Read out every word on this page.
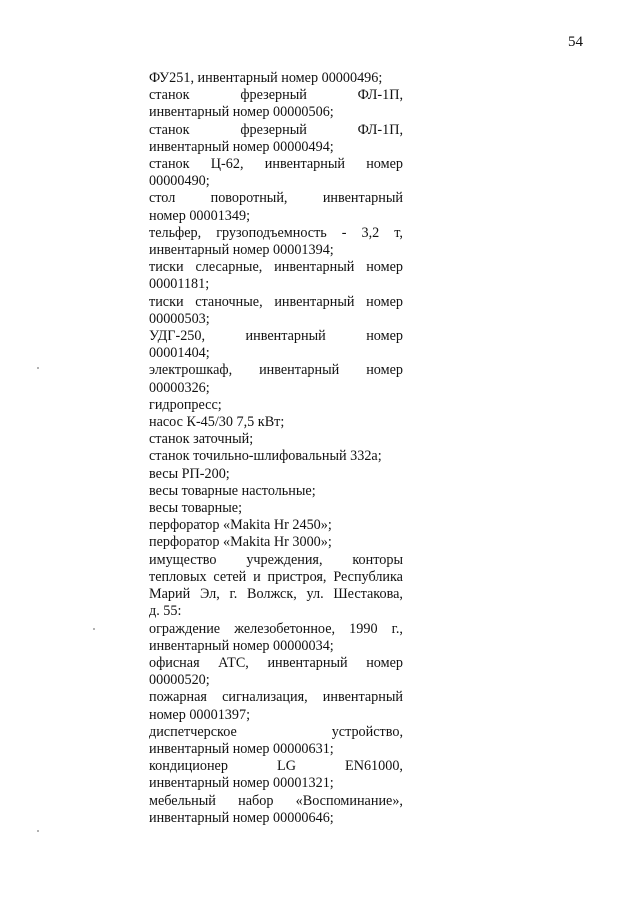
54
ФУ251, инвентарный номер 00000496;
станок	фрезерный	ФЛ-1П,
инвентарный номер 00000506;
станок	фрезерный	ФЛ-1П,
инвентарный номер 00000494;
станок Ц-62, инвентарный номер
00000490;
стол поворотный, инвентарный
номер 00001349;
тельфер, грузоподъемность - 3,2 т,
инвентарный номер 00001394;
тиски слесарные, инвентарный номер
00001181;
тиски станочные, инвентарный номер
00000503;
УДГ-250,	инвентарный	номер
00001404;
электрошкаф, инвентарный номер
00000326;
гидропресс;
насос К-45/30 7,5 кВт;
станок заточный;
станок точильно-шлифовальный 332а;
весы РП-200;
весы товарные настольные;
весы товарные;
перфоратор «Makita Hr 2450»;
перфоратор «Makita Hr 3000»;
имущество учреждения, конторы
тепловых сетей и пристроя, Республика
Марий Эл, г. Волжск, ул. Шестакова,
д. 55:
ограждение железобетонное, 1990 г.,
инвентарный номер 00000034;
офисная АТС, инвентарный номер
00000520;
пожарная сигнализация, инвентарный
номер 00001397;
диспетчерское	устройство,
инвентарный номер 00000631;
кондиционер	LG	EN61000,
инвентарный номер 00001321;
мебельный набор «Воспоминание»,
инвентарный номер 00000646;
